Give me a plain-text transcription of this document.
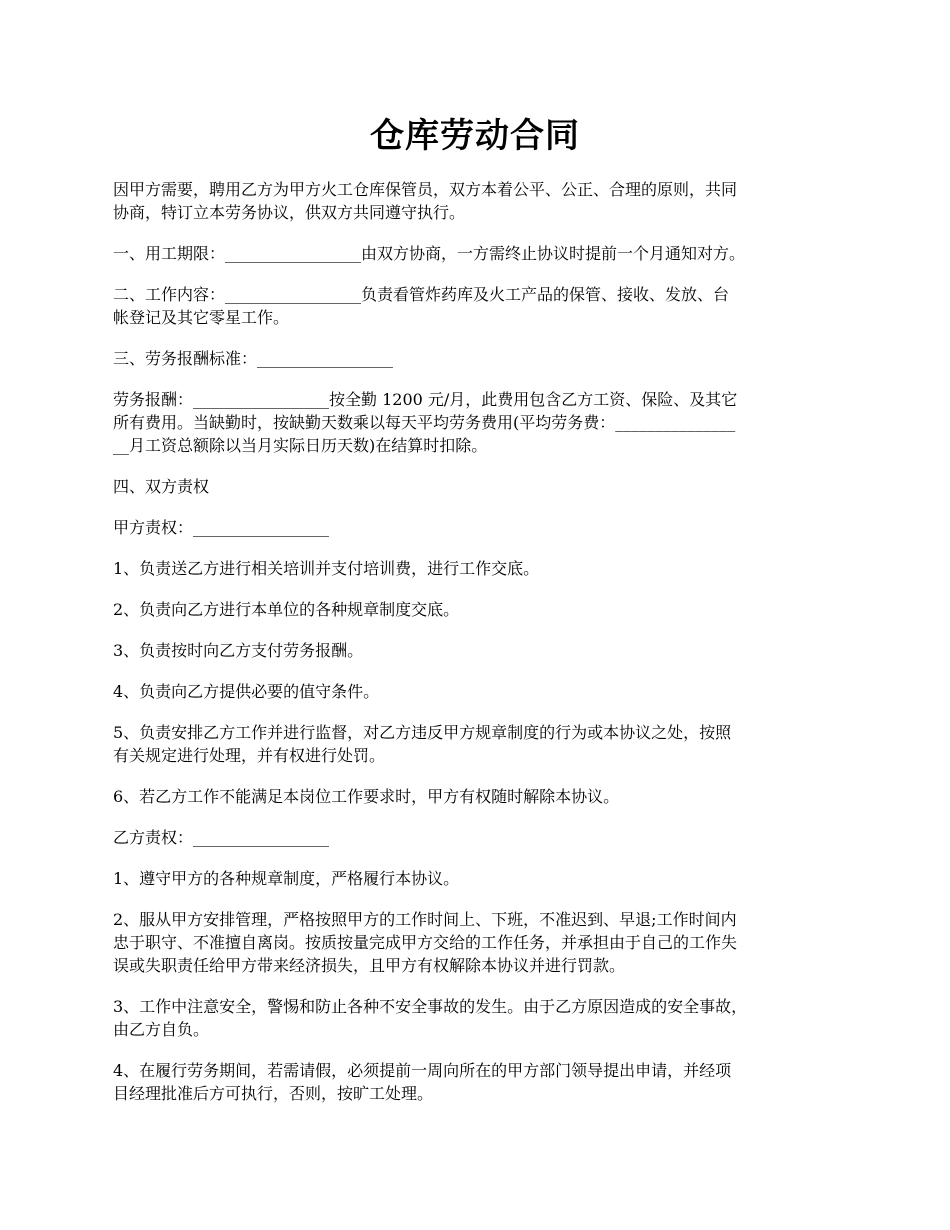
仓库劳动合同

因甲方需要，聘用乙方为甲方火工仓库保管员，双方本着公平、公正、合理的原则，共同
协商，特订立本劳务协议，供双方共同遵守执行。

一、用工期限：_________________由双方协商，一方需终止协议时提前一个月通知对方。

二、工作内容：_________________负责看管炸药库及火工产品的保管、接收、发放、台
帐登记及其它零星工作。

三、劳务报酬标准：_________________

劳务报酬：_________________按全勤 1200 元/月，此费用包含乙方工资、保险、及其它
所有费用。当缺勤时，按缺勤天数乘以每天平均劳务费用(平均劳务费：_______________
__月工资总额除以当月实际日历天数)在结算时扣除。

四、双方责权

甲方责权：_________________

1、负责送乙方进行相关培训并支付培训费，进行工作交底。

2、负责向乙方进行本单位的各种规章制度交底。

3、负责按时向乙方支付劳务报酬。

4、负责向乙方提供必要的值守条件。

5、负责安排乙方工作并进行监督，对乙方违反甲方规章制度的行为或本协议之处，按照
有关规定进行处理，并有权进行处罚。

6、若乙方工作不能满足本岗位工作要求时，甲方有权随时解除本协议。

乙方责权：_________________

1、遵守甲方的各种规章制度，严格履行本协议。

2、服从甲方安排管理，严格按照甲方的工作时间上、下班，不准迟到、早退;工作时间内
忠于职守、不准擅自离岗。按质按量完成甲方交给的工作任务，并承担由于自己的工作失
误或失职责任给甲方带来经济损失，且甲方有权解除本协议并进行罚款。

3、工作中注意安全，警惕和防止各种不安全事故的发生。由于乙方原因造成的安全事故，
由乙方自负。

4、在履行劳务期间，若需请假，必须提前一周向所在的甲方部门领导提出申请，并经项
目经理批准后方可执行，否则，按旷工处理。
